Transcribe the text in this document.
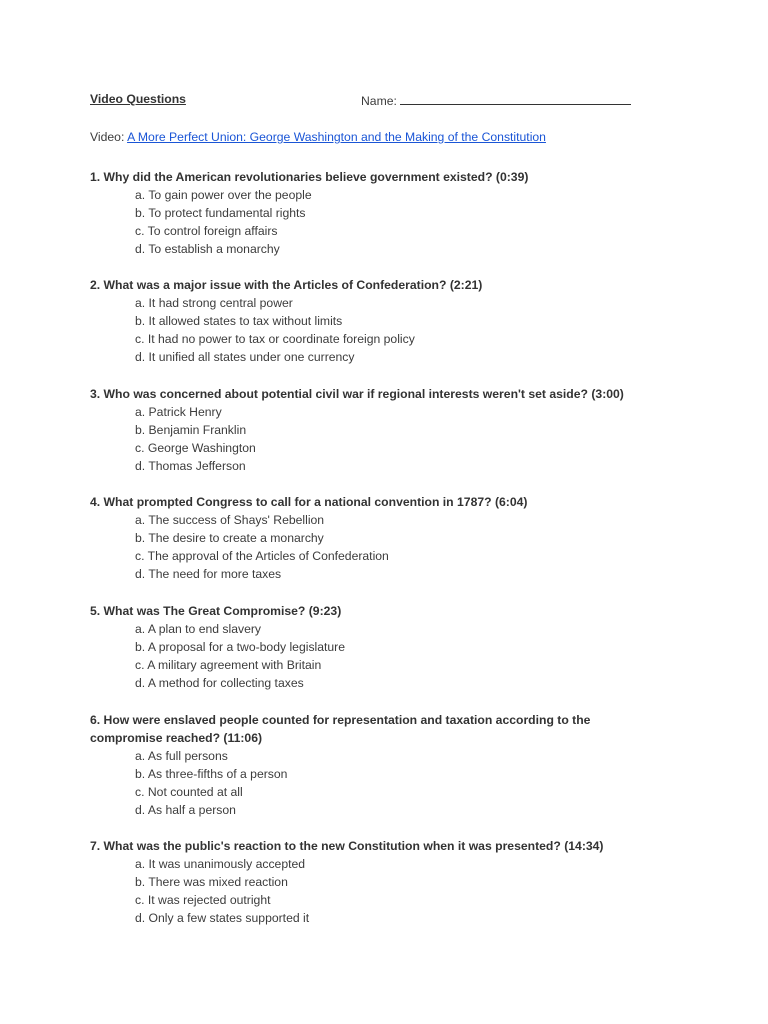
Video Questions	Name:
Video: A More Perfect Union: George Washington and the Making of the Constitution
1. Why did the American revolutionaries believe government existed? (0:39)
a. To gain power over the people
b. To protect fundamental rights
c. To control foreign affairs
d. To establish a monarchy
2. What was a major issue with the Articles of Confederation? (2:21)
a. It had strong central power
b. It allowed states to tax without limits
c. It had no power to tax or coordinate foreign policy
d. It unified all states under one currency
3. Who was concerned about potential civil war if regional interests weren't set aside? (3:00)
a. Patrick Henry
b. Benjamin Franklin
c. George Washington
d. Thomas Jefferson
4. What prompted Congress to call for a national convention in 1787? (6:04)
a. The success of Shays' Rebellion
b. The desire to create a monarchy
c. The approval of the Articles of Confederation
d. The need for more taxes
5. What was The Great Compromise? (9:23)
a. A plan to end slavery
b. A proposal for a two-body legislature
c. A military agreement with Britain
d. A method for collecting taxes
6. How were enslaved people counted for representation and taxation according to the compromise reached? (11:06)
a. As full persons
b. As three-fifths of a person
c. Not counted at all
d. As half a person
7. What was the public's reaction to the new Constitution when it was presented? (14:34)
a. It was unanimously accepted
b. There was mixed reaction
c. It was rejected outright
d. Only a few states supported it
